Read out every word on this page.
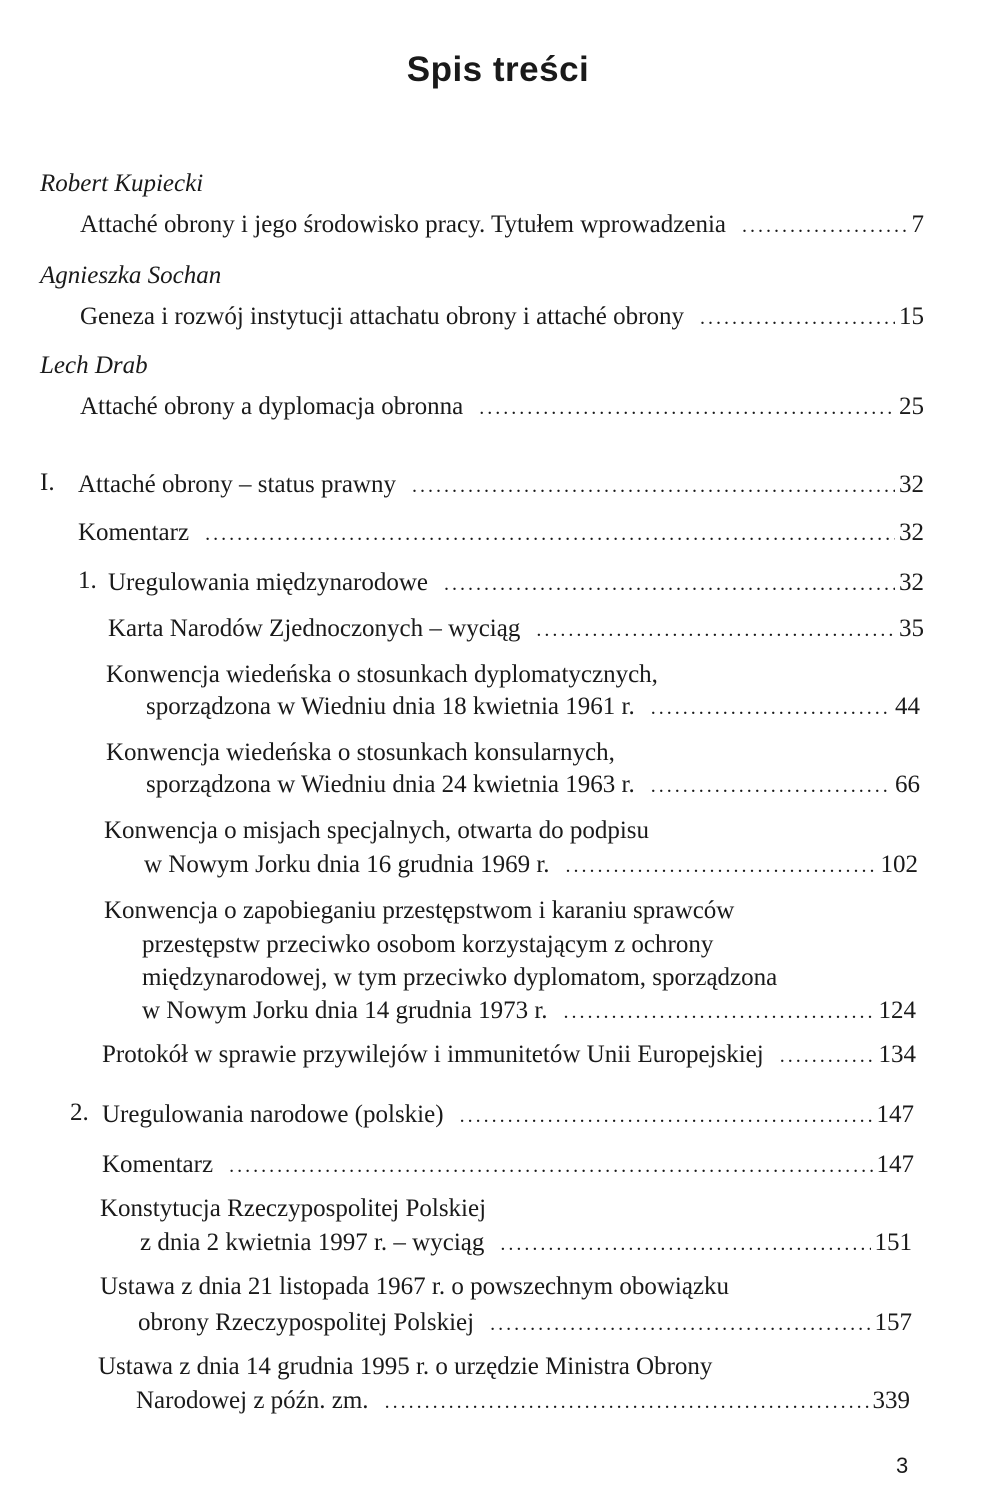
Spis treści
Robert Kupiecki
Attaché obrony i jego środowisko pracy. Tytułem wprowadzenia .....	7
Agnieszka Sochan
Geneza i rozwój instytucji attachatu obrony i attaché obrony .....	15
Lech Drab
Attaché obrony a dyplomacja obronna .....	25
I. Attaché obrony – status prawny .....	32
Komentarz .....	32
1. Uregulowania międzynarodowe .....	32
Karta Narodów Zjednoczonych – wyciąg .....	35
Konwencja wiedeńska o stosunkach dyplomatycznych,
sporządzona w Wiedniu dnia 18 kwietnia 1961 r. .....	44
Konwencja wiedeńska o stosunkach konsularnych,
sporządzona w Wiedniu dnia 24 kwietnia 1963 r. .....	66
Konwencja o misjach specjalnych, otwarta do podpisu
w Nowym Jorku dnia 16 grudnia 1969 r. .....	102
Konwencja o zapobieganiu przestępstwom i karaniu sprawców
przestępstw przeciwko osobom korzystającym z ochrony
międzynarodowej, w tym przeciwko dyplomatom, sporządzona
w Nowym Jorku dnia 14 grudnia 1973 r. .....	124
Protokół w sprawie przywilejów i immunitetów Unii Europejskiej .....	134
2. Uregulowania narodowe (polskie) .....	147
Komentarz .....	147
Konstytucja Rzeczypospolitej Polskiej
z dnia 2 kwietnia 1997 r. – wyciąg .....	151
Ustawa z dnia 21 listopada 1967 r. o powszechnym obowiązku
obrony Rzeczypospolitej Polskiej .....	157
Ustawa z dnia 14 grudnia 1995 r. o urzędzie Ministra Obrony
Narodowej z późn. zm. .....	339
3
